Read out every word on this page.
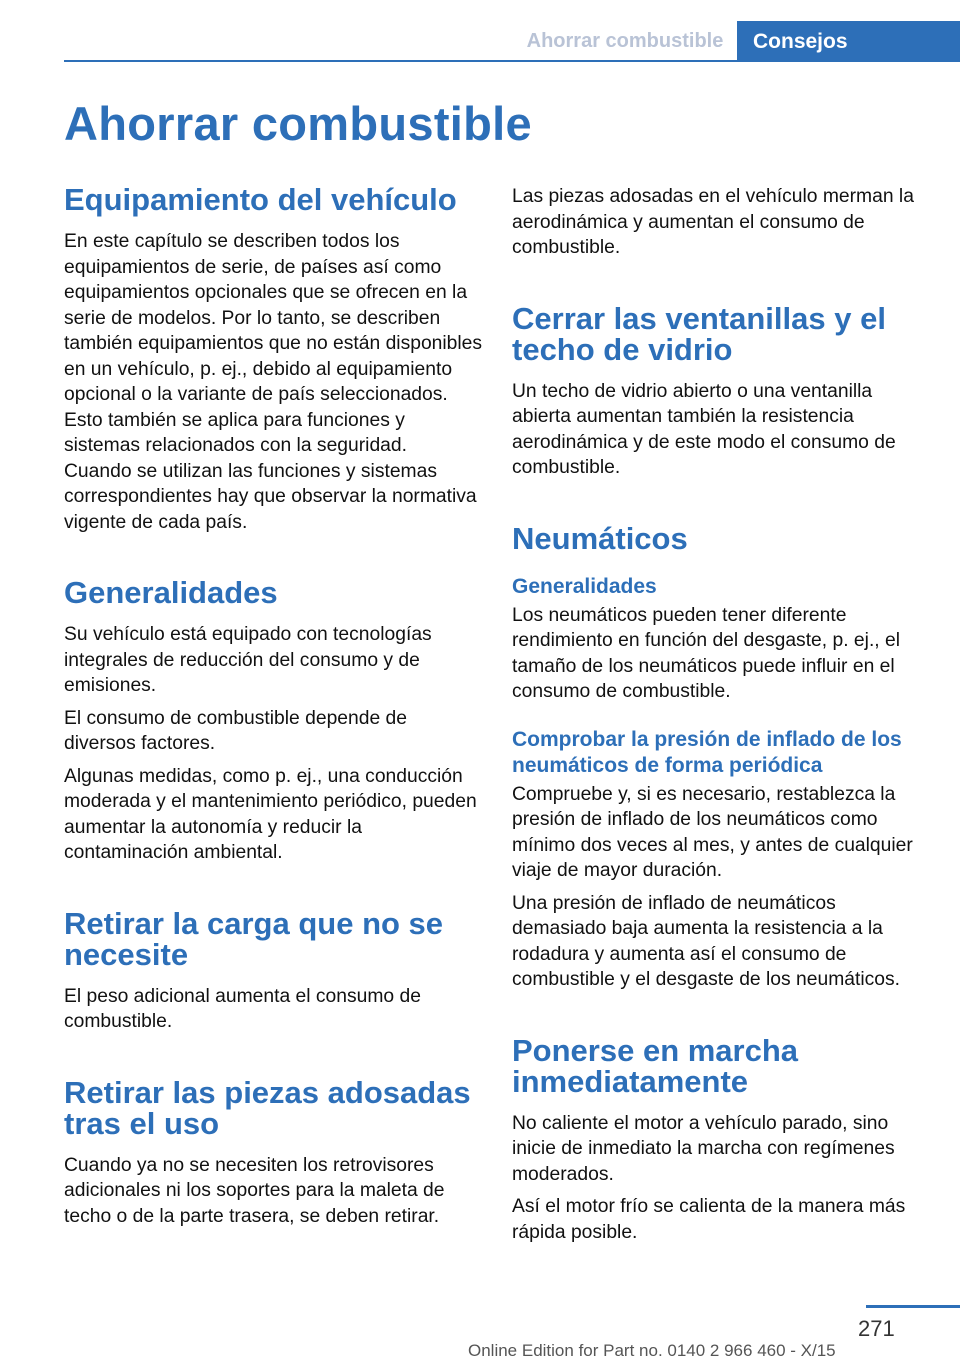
Ahorrar combustible	Consejos
Ahorrar combustible
Equipamiento del vehículo

En este capítulo se describen todos los equipamientos de serie, de países así como equipamientos opcionales que se ofrecen en la serie de modelos. Por lo tanto, se describen también equipamientos que no están disponibles en un vehículo, p. ej., debido al equipamiento opcional o la variante de país seleccionados. Esto también se aplica para funciones y sistemas relacionados con la seguridad.

Cuando se utilizan las funciones y sistemas correspondientes hay que observar la normativa vigente de cada país.

Generalidades

Su vehículo está equipado con tecnologías integrales de reducción del consumo y de emisiones.

El consumo de combustible depende de diversos factores.

Algunas medidas, como p. ej., una conducción moderada y el mantenimiento periódico, pueden aumentar la autonomía y reducir la contaminación ambiental.

Retirar la carga que no se necesite

El peso adicional aumenta el consumo de combustible.

Retirar las piezas adosadas tras el uso

Cuando ya no se necesiten los retrovisores adicionales ni los soportes para la maleta de techo o de la parte trasera, se deben retirar.

Las piezas adosadas en el vehículo merman la aerodinámica y aumentan el consumo de combustible.

Cerrar las ventanillas y el techo de vidrio

Un techo de vidrio abierto o una ventanilla abierta aumentan también la resistencia aerodinámica y de este modo el consumo de combustible.

Neumáticos
Generalidades

Los neumáticos pueden tener diferente rendimiento en función del desgaste, p. ej., el tamaño de los neumáticos puede influir en el consumo de combustible.

Comprobar la presión de inflado de los neumáticos de forma periódica

Compruebe y, si es necesario, restablezca la presión de inflado de los neumáticos como mínimo dos veces al mes, y antes de cualquier viaje de mayor duración.

Una presión de inflado de neumáticos demasiado baja aumenta la resistencia a la rodadura y aumenta así el consumo de combustible y el desgaste de los neumáticos.

Ponerse en marcha inmediatamente

No caliente el motor a vehículo parado, sino inicie de inmediato la marcha con regímenes moderados.

Así el motor frío se calienta de la manera más rápida posible.

271
Online Edition for Part no. 0140 2 966 460 - X/15
